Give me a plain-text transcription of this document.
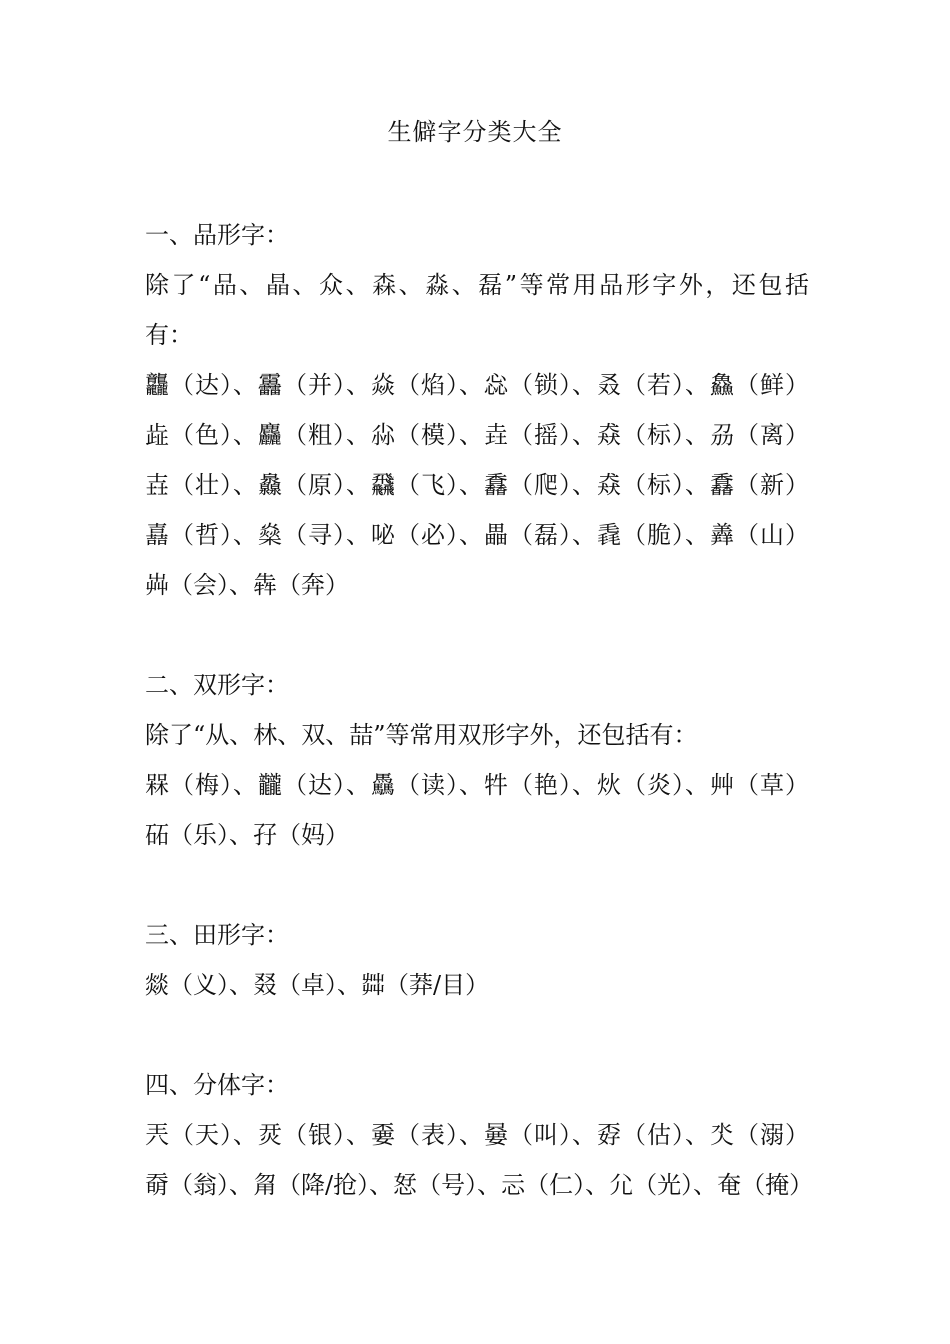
生僻字分类大全
一、品形字：
除了“品、晶、众、森、淼、磊”等常用品形字外，还包括
有：
龘（达）、靐（并）、焱（焰）、惢（锁）、叒（若）、鱻（鲜）
歮（色）、麤（粗）、尛（模）、垚（摇）、猋（标）、刕（离）
壵（壮）、灥（原）、飝（飞）、馫（爬）、猋（标）、馫（新）
嚞（哲）、燊（寻）、咇（必）、畾（磊）、毳（脆）、羴（山）
芔（会）、犇（奔）
二、双形字：
除了“从、林、双、喆”等常用双形字外，还包括有：
槑（梅）、龖（达）、驫（读）、牪（艳）、炏（炎）、艸（草）
砳（乐）、孖（妈）
三、田形字：
燚（义）、叕（卓）、茻（莽/目）
四、分体字：
兲（天）、烎（银）、嫑（表）、嘦（叫）、孬（估）、氼（溺）
奣（翁）、甮（降/抢）、恏（号）、忈（仁）、尣（光）、奄（掩）
